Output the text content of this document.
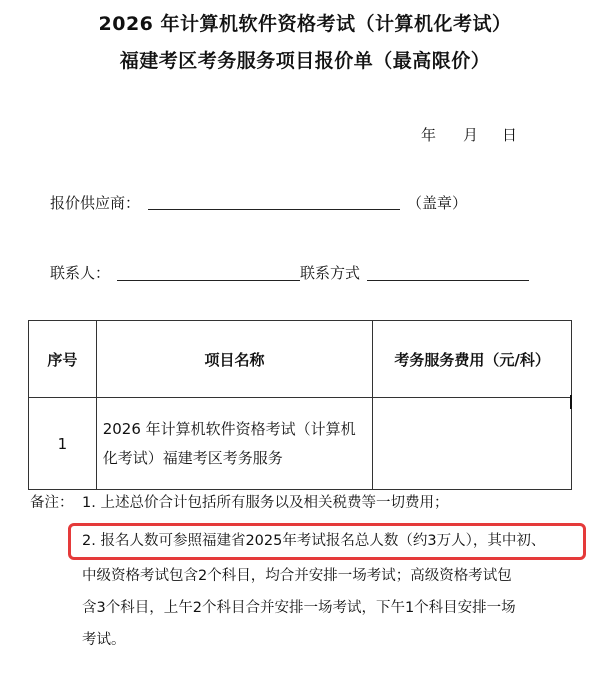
2026 年计算机软件资格考试（计算机化考试）
福建考区考务服务项目报价单（最高限价）
年 月 日
报价供应商：	（盖章）
联系人：	联系方式
序号	项目名称	考务服务费用（元/科）
1	2026 年计算机软件资格考试（计算机
化考试）福建考区考务服务	

备注： 1. 上述总价合计包括所有服务以及相关税费等一切费用；
2. 报名人数可参照福建省2025年考试报名总人数（约3万人），其中初、
中级资格考试包含2个科目，均合并安排一场考试；高级资格考试包
含3个科目，上午2个科目合并安排一场考试，下午1个科目安排一场
考试。
